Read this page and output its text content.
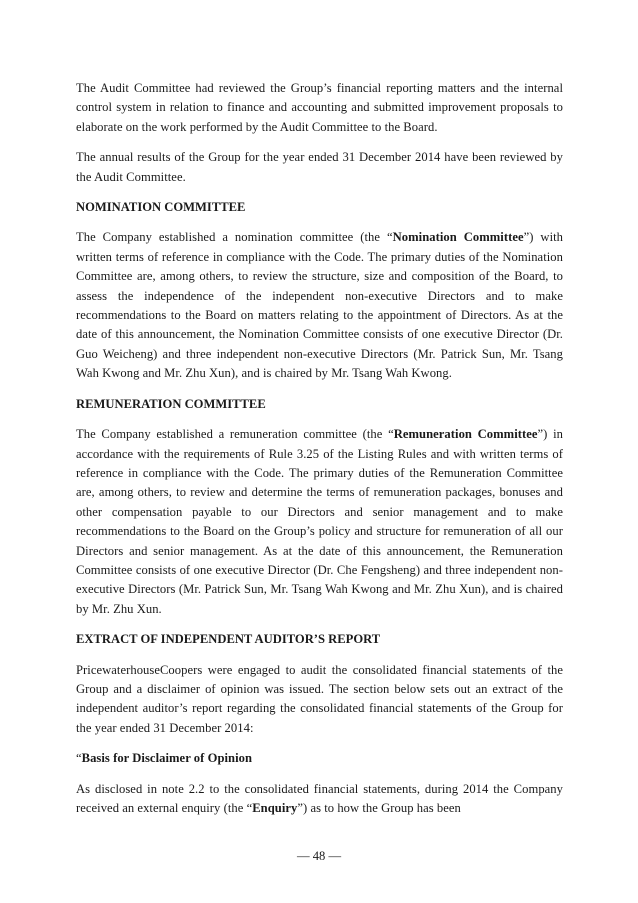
The Audit Committee had reviewed the Group’s financial reporting matters and the internal control system in relation to finance and accounting and submitted improvement proposals to elaborate on the work performed by the Audit Committee to the Board.

The annual results of the Group for the year ended 31 December 2014 have been reviewed by the Audit Committee.

NOMINATION COMMITTEE

The Company established a nomination committee (the “Nomination Committee”) with written terms of reference in compliance with the Code. The primary duties of the Nomination Committee are, among others, to review the structure, size and composition of the Board, to assess the independence of the independent non-executive Directors and to make recommendations to the Board on matters relating to the appointment of Directors. As at the date of this announcement, the Nomination Committee consists of one executive Director (Dr. Guo Weicheng) and three independent non-executive Directors (Mr. Patrick Sun, Mr. Tsang Wah Kwong and Mr. Zhu Xun), and is chaired by Mr. Tsang Wah Kwong.

REMUNERATION COMMITTEE

The Company established a remuneration committee (the “Remuneration Committee”) in accordance with the requirements of Rule 3.25 of the Listing Rules and with written terms of reference in compliance with the Code. The primary duties of the Remuneration Committee are, among others, to review and determine the terms of remuneration packages, bonuses and other compensation payable to our Directors and senior management and to make recommendations to the Board on the Group’s policy and structure for remuneration of all our Directors and senior management. As at the date of this announcement, the Remuneration Committee consists of one executive Director (Dr. Che Fengsheng) and three independent non-executive Directors (Mr. Patrick Sun, Mr. Tsang Wah Kwong and Mr. Zhu Xun), and is chaired by Mr. Zhu Xun.

EXTRACT OF INDEPENDENT AUDITOR’S REPORT

PricewaterhouseCoopers were engaged to audit the consolidated financial statements of the Group and a disclaimer of opinion was issued. The section below sets out an extract of the independent auditor’s report regarding the consolidated financial statements of the Group for the year ended 31 December 2014:

“Basis for Disclaimer of Opinion

As disclosed in note 2.2 to the consolidated financial statements, during 2014 the Company received an external enquiry (the “Enquiry”) as to how the Group has been

— 48 —
